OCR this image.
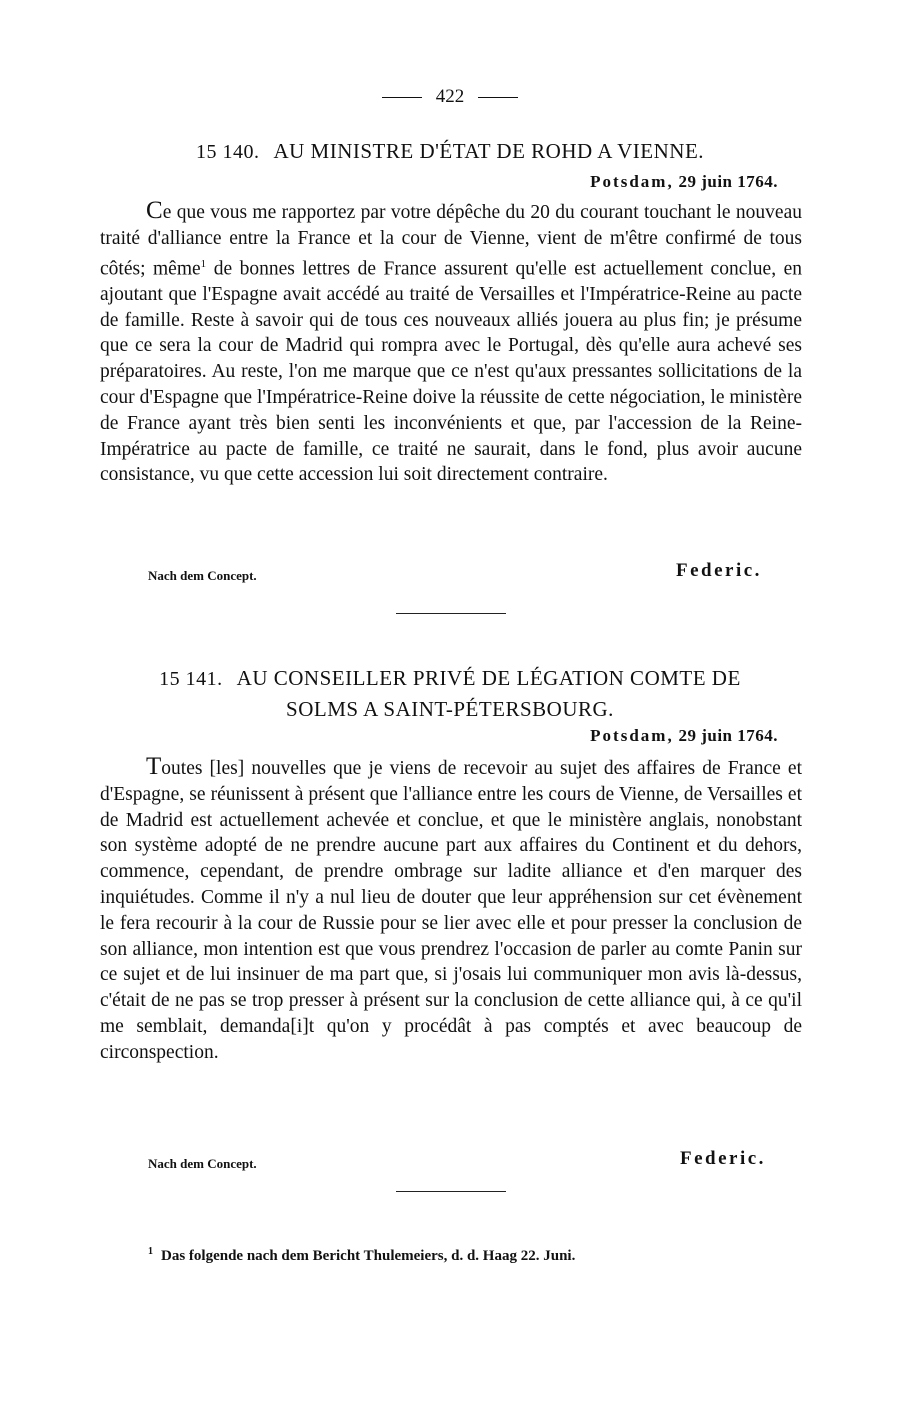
422
15 140. AU MINISTRE D'ÉTAT DE ROHD A VIENNE.
Potsdam, 29 juin 1764.
Ce que vous me rapportez par votre dépêche du 20 du courant touchant le nouveau traité d'alliance entre la France et la cour de Vienne, vient de m'être confirmé de tous côtés; même$^1$ de bonnes lettres de France assurent qu'elle est actuellement conclue, en ajoutant que l'Espagne avait accédé au traité de Versailles et l'Impératrice-Reine au pacte de famille. Reste à savoir qui de tous ces nouveaux alliés jouera au plus fin; je présume que ce sera la cour de Madrid qui rompra avec le Portugal, dès qu'elle aura achevé ses préparatoires. Au reste, l'on me marque que ce n'est qu'aux pressantes sollicitations de la cour d'Espagne que l'Impératrice-Reine doive la réussite de cette négociation, le ministère de France ayant très bien senti les inconvénients et que, par l'accession de la Reine-Impératrice au pacte de famille, ce traité ne saurait, dans le fond, plus avoir aucune consistance, vu que cette accession lui soit directement contraire.
Nach dem Concept.	Federic.
15 141. AU CONSEILLER PRIVÉ DE LÉGATION COMTE DE
SOLMS A SAINT-PÉTERSBOURG.
Potsdam, 29 juin 1764.
Toutes [les] nouvelles que je viens de recevoir au sujet des affaires de France et d'Espagne, se réunissent à présent que l'alliance entre les cours de Vienne, de Versailles et de Madrid est actuellement achevée et conclue, et que le ministère anglais, nonobstant son système adopté de ne prendre aucune part aux affaires du Continent et du dehors, commence, cependant, de prendre ombrage sur ladite alliance et d'en marquer des inquiétudes. Comme il n'y a nul lieu de douter que leur appréhension sur cet évènement le fera recourir à la cour de Russie pour se lier avec elle et pour presser la conclusion de son alliance, mon intention est que vous prendrez l'occasion de parler au comte Panin sur ce sujet et de lui insinuer de ma part que, si j'osais lui communiquer mon avis là-dessus, c'était de ne pas se trop presser à présent sur la conclusion de cette alliance qui, à ce qu'il me semblait, demanda[i]t qu'on y procédât à pas comptés et avec beaucoup de circonspection.
Nach dem Concept.	Federic.
$^1$ Das folgende nach dem Bericht Thulemeiers, d. d. Haag 22. Juni.
